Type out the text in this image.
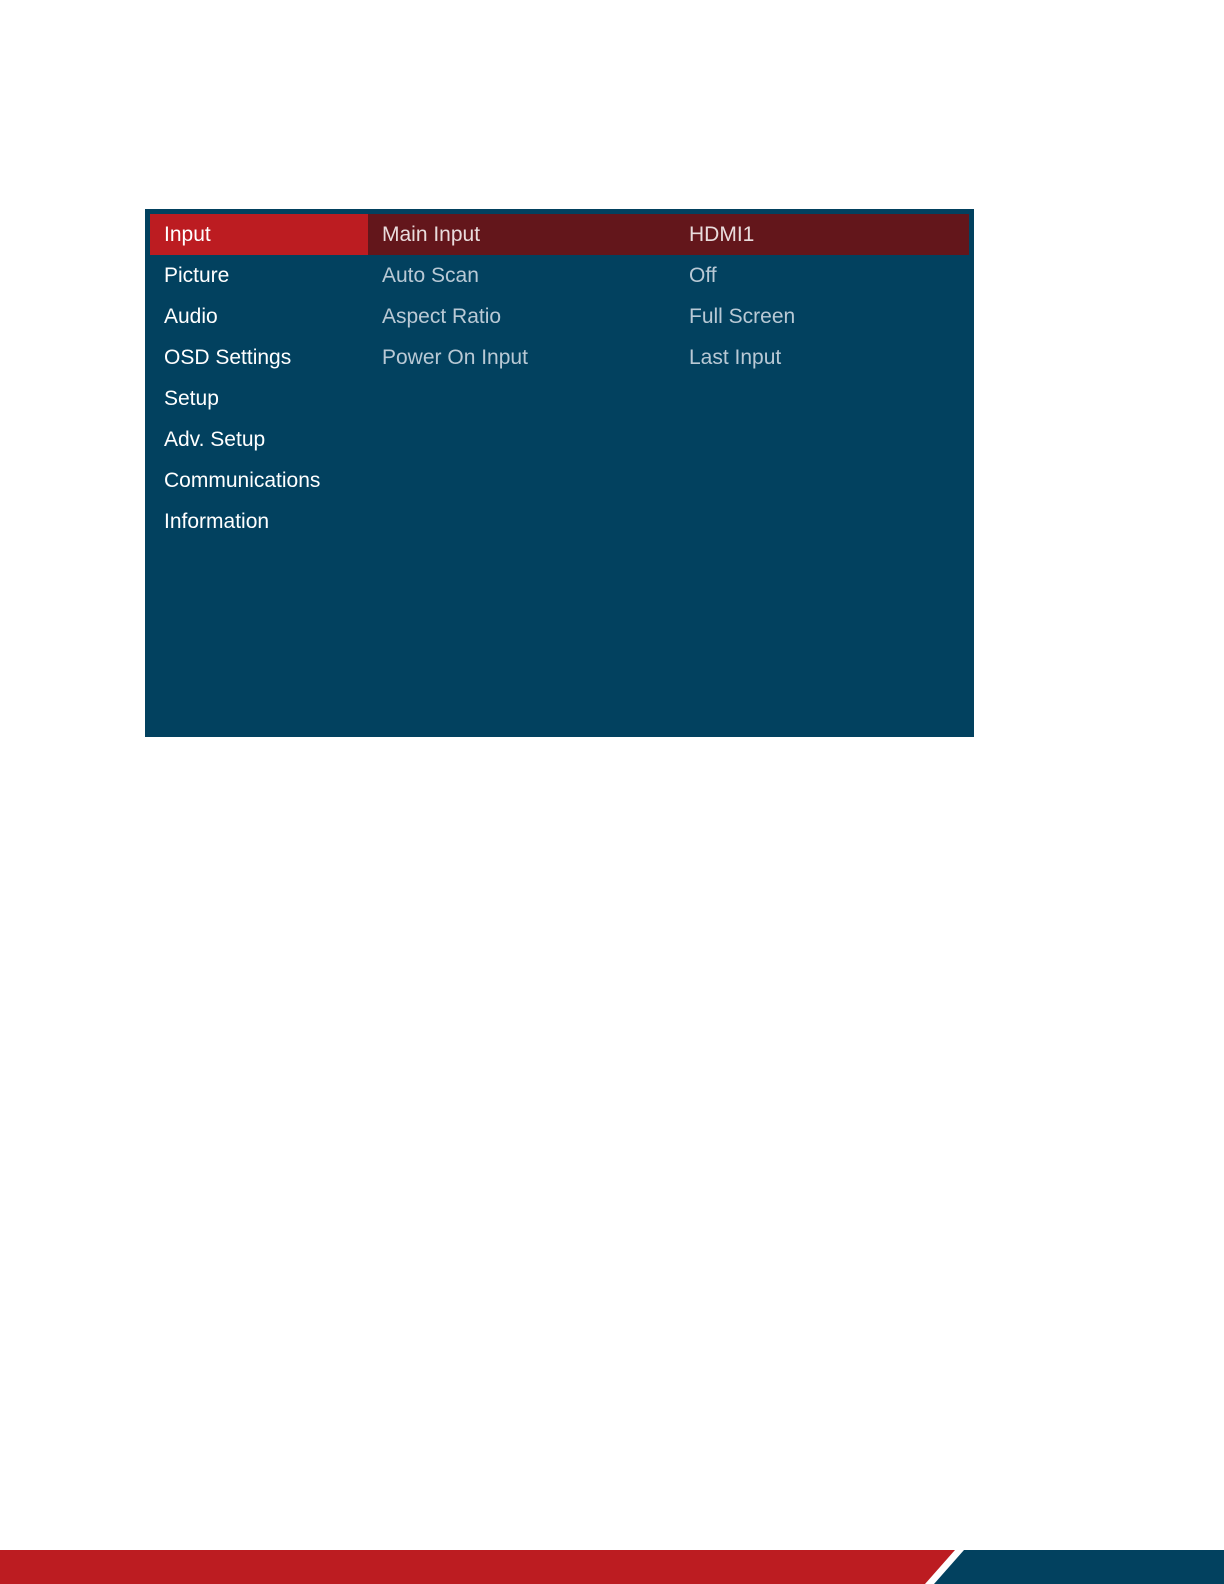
Input
Picture
Audio
OSD Settings
Setup
Adv. Setup
Communications
Information
Main Input	HDMI1
Auto Scan	Off
Aspect Ratio	Full Screen
Power On Input	Last Input
